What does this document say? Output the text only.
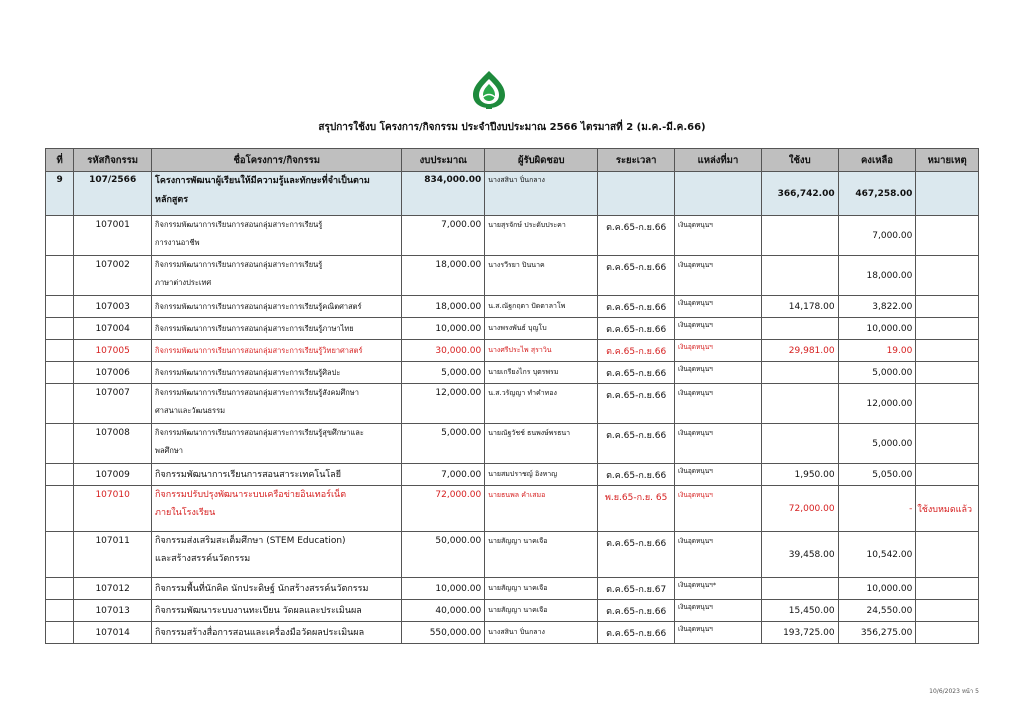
สรุปการใช้งบ โครงการ/กิจกรรม ประจำปีงบประมาณ 2566 ไตรมาสที่ 2 (ม.ค.-มี.ค.66)
ที่	รหัสกิจกรรม	ชื่อโครงการ/กิจกรรม	งบประมาณ	ผู้รับผิดชอบ	ระยะเวลา	แหล่งที่มา	ใช้งบ	คงเหลือ	หมายเหตุ
9	107/2566	โครงการพัฒนาผู้เรียนให้มีความรู้และทักษะที่จำเป็นตาม
หลักสูตร	834,000.00	นางสสินา ปิ่นกลาง			366,742.00	467,258.00	
	107001	กิจกรรมพัฒนาการเรียนการสอนกลุ่มสาระการเรียนรู้
การงานอาชีพ	7,000.00	นายสุรจักษ์ ประดับประคา	ต.ค.65-ก.ย.66	เงินอุดหนุนฯ		7,000.00	
	107002	กิจกรรมพัฒนาการเรียนการสอนกลุ่มสาระการเรียนรู้
ภาษาต่างประเทศ	18,000.00	นางรวีรยา ปินนาค	ต.ค.65-ก.ย.66	เงินอุดหนุนฯ		18,000.00	
	107003	กิจกรรมพัฒนาการเรียนการสอนกลุ่มสาระการเรียนรู้คณิตศาสตร์	18,000.00	น.ส.ณัฐกฤตา ปัดตาลาโพ	ต.ค.65-ก.ย.66	เงินอุดหนุนฯ	14,178.00	3,822.00	
	107004	กิจกรรมพัฒนาการเรียนการสอนกลุ่มสาระการเรียนรู้ภาษาไทย	10,000.00	นางพรงพันธ์ บุญโบ	ต.ค.65-ก.ย.66	เงินอุดหนุนฯ		10,000.00	
	107005	กิจกรรมพัฒนาการเรียนการสอนกลุ่มสาระการเรียนรู้วิทยาศาสตร์	30,000.00	นางศรีประไพ สุราวิน	ต.ค.65-ก.ย.66	เงินอุดหนุนฯ	29,981.00	19.00	
	107006	กิจกรรมพัฒนาการเรียนการสอนกลุ่มสาระการเรียนรู้ศิลปะ	5,000.00	นายเกรียงไกร บุตรพรม	ต.ค.65-ก.ย.66	เงินอุดหนุนฯ		5,000.00	
	107007	กิจกรรมพัฒนาการเรียนการสอนกลุ่มสาระการเรียนรู้สังคมศึกษา
ศาสนาและวัฒนธรรม	12,000.00	น.ส.วรัญญา ทำคำทอง	ต.ค.65-ก.ย.66	เงินอุดหนุนฯ		12,000.00	
	107008	กิจกรรมพัฒนาการเรียนการสอนกลุ่มสาระการเรียนรู้สุขศึกษาและ
พลศึกษา	5,000.00	นายณัฐวัชช์ ธนพงษ์พรธนา	ต.ค.65-ก.ย.66	เงินอุดหนุนฯ		5,000.00	
	107009	กิจกรรมพัฒนาการเรียนการสอนสาระเทคโนโลยี	7,000.00	นายสมปราชญ์ อิงหาญ	ต.ค.65-ก.ย.66	เงินอุดหนุนฯ	1,950.00	5,050.00	
	107010	กิจกรรมปรับปรุงพัฒนาระบบเครือข่ายอินเทอร์เน็ต
ภายในโรงเรียน	72,000.00	นายธนพล คำเสมอ	พ.ย.65-ก.ย. 65	เงินอุดหนุนฯ	72,000.00	-	ใช้งบหมดแล้ว
	107011	กิจกรรมส่งเสริมสะเต็มศึกษา (STEM Education)
และสร้างสรรค์นวัตกรรม	50,000.00	นายสัญญา นาคเจือ	ต.ค.65-ก.ย.66	เงินอุดหนุนฯ	39,458.00	10,542.00	
	107012	กิจกรรมพื้นที่นักคิด นักประดิษฐ์ นักสร้างสรรค์นวัตกรรม	10,000.00	นายสัญญา นาคเจือ	ต.ค.65-ก.ย.67	เงินอุดหนุนฯ*		10,000.00	
	107013	กิจกรรมพัฒนาระบบงานทะเบียน วัดผลและประเมินผล	40,000.00	นายสัญญา นาคเจือ	ต.ค.65-ก.ย.66	เงินอุดหนุนฯ	15,450.00	24,550.00	
	107014	กิจกรรมสร้างสื่อการสอนและเครื่องมือวัดผลประเมินผล	550,000.00	นางสสินา ปิ่นกลาง	ต.ค.65-ก.ย.66	เงินอุดหนุนฯ	193,725.00	356,275.00	
10/6/2023 หน้า 5
